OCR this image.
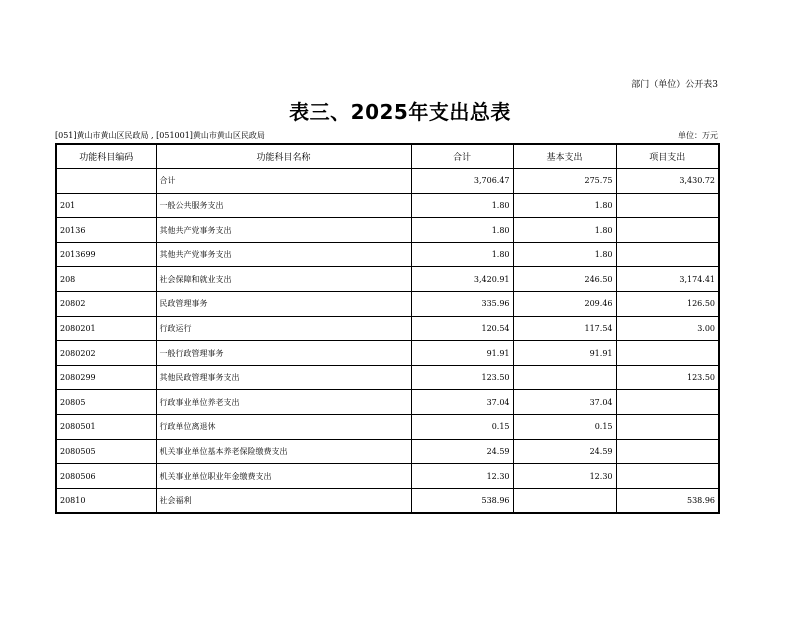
部门（单位）公开表3
表三、2025年支出总表
[051]黄山市黄山区民政局 , [051001]黄山市黄山区民政局	单位：万元
功能科目编码	功能科目名称	合计	基本支出	项目支出
	合计	3,706.47	275.75	3,430.72
201	一般公共服务支出	1.80	1.80	
20136	其他共产党事务支出	1.80	1.80	
2013699	其他共产党事务支出	1.80	1.80	
208	社会保障和就业支出	3,420.91	246.50	3,174.41
20802	民政管理事务	335.96	209.46	126.50
2080201	行政运行	120.54	117.54	3.00
2080202	一般行政管理事务	91.91	91.91	
2080299	其他民政管理事务支出	123.50		123.50
20805	行政事业单位养老支出	37.04	37.04	
2080501	行政单位离退休	0.15	0.15	
2080505	机关事业单位基本养老保险缴费支出	24.59	24.59	
2080506	机关事业单位职业年金缴费支出	12.30	12.30	
20810	社会福利	538.96		538.96
